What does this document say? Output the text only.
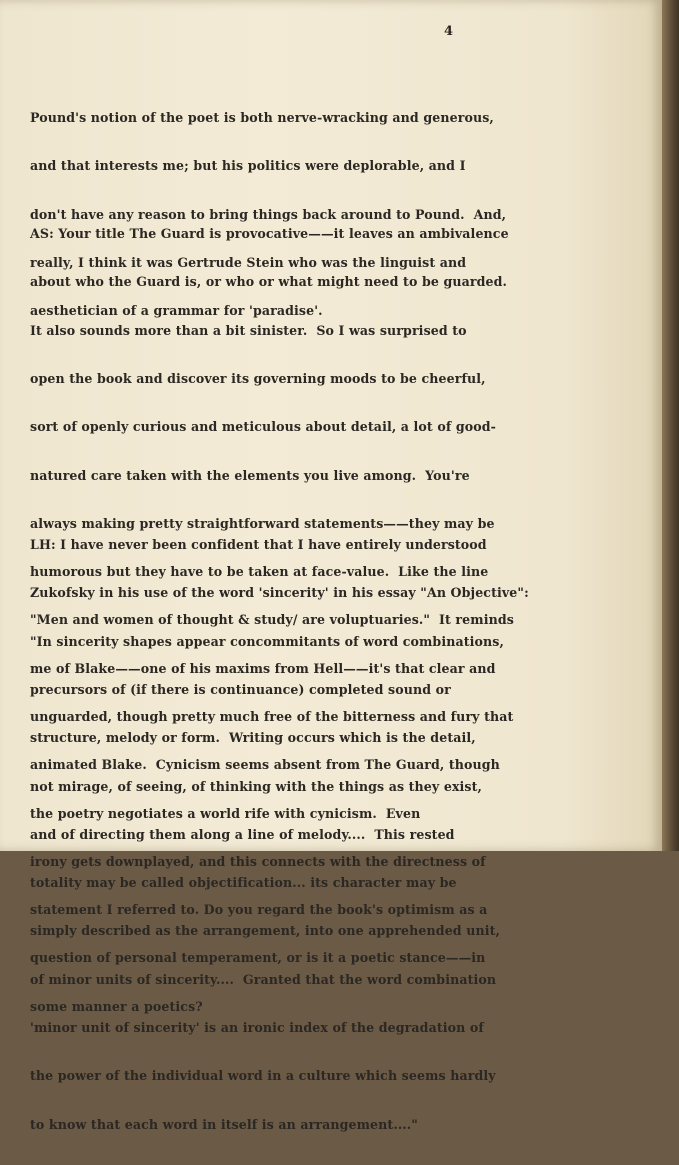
4

Pound's notion of the poet is both nerve-wracking and generous,

and that interests me; but his politics were deplorable, and I

don't have any reason to bring things back around to Pound.  And,

really, I think it was Gertrude Stein who was the linguist and

aesthetician of a grammar for 'paradise'.

AS: Your title The Guard is provocative——it leaves an ambivalence

about who the Guard is, or who or what might need to be guarded.

It also sounds more than a bit sinister.  So I was surprised to

open the book and discover its governing moods to be cheerful,

sort of openly curious and meticulous about detail, a lot of good-

natured care taken with the elements you live among.  You're

always making pretty straightforward statements——they may be

humorous but they have to be taken at face-value.  Like the line

"Men and women of thought & study/ are voluptuaries."  It reminds

me of Blake——one of his maxims from Hell——it's that clear and

unguarded, though pretty much free of the bitterness and fury that

animated Blake.  Cynicism seems absent from The Guard, though

the poetry negotiates a world rife with cynicism.  Even

irony gets downplayed, and this connects with the directness of

statement I referred to. Do you regard the book's optimism as a

question of personal temperament, or is it a poetic stance——in

some manner a poetics?

LH: I have never been confident that I have entirely understood

Zukofsky in his use of the word 'sincerity' in his essay "An Objective":

"In sincerity shapes appear concommitants of word combinations,

precursors of (if there is continuance) completed sound or

structure, melody or form.  Writing occurs which is the detail,

not mirage, of seeing, of thinking with the things as they exist,

and of directing them along a line of melody....  This rested

totality may be called objectification... its character may be

simply described as the arrangement, into one apprehended unit,

of minor units of sincerity....  Granted that the word combination

'minor unit of sincerity' is an ironic index of the degradation of

the power of the individual word in a culture which seems hardly

to know that each word in itself is an arrangement...."
